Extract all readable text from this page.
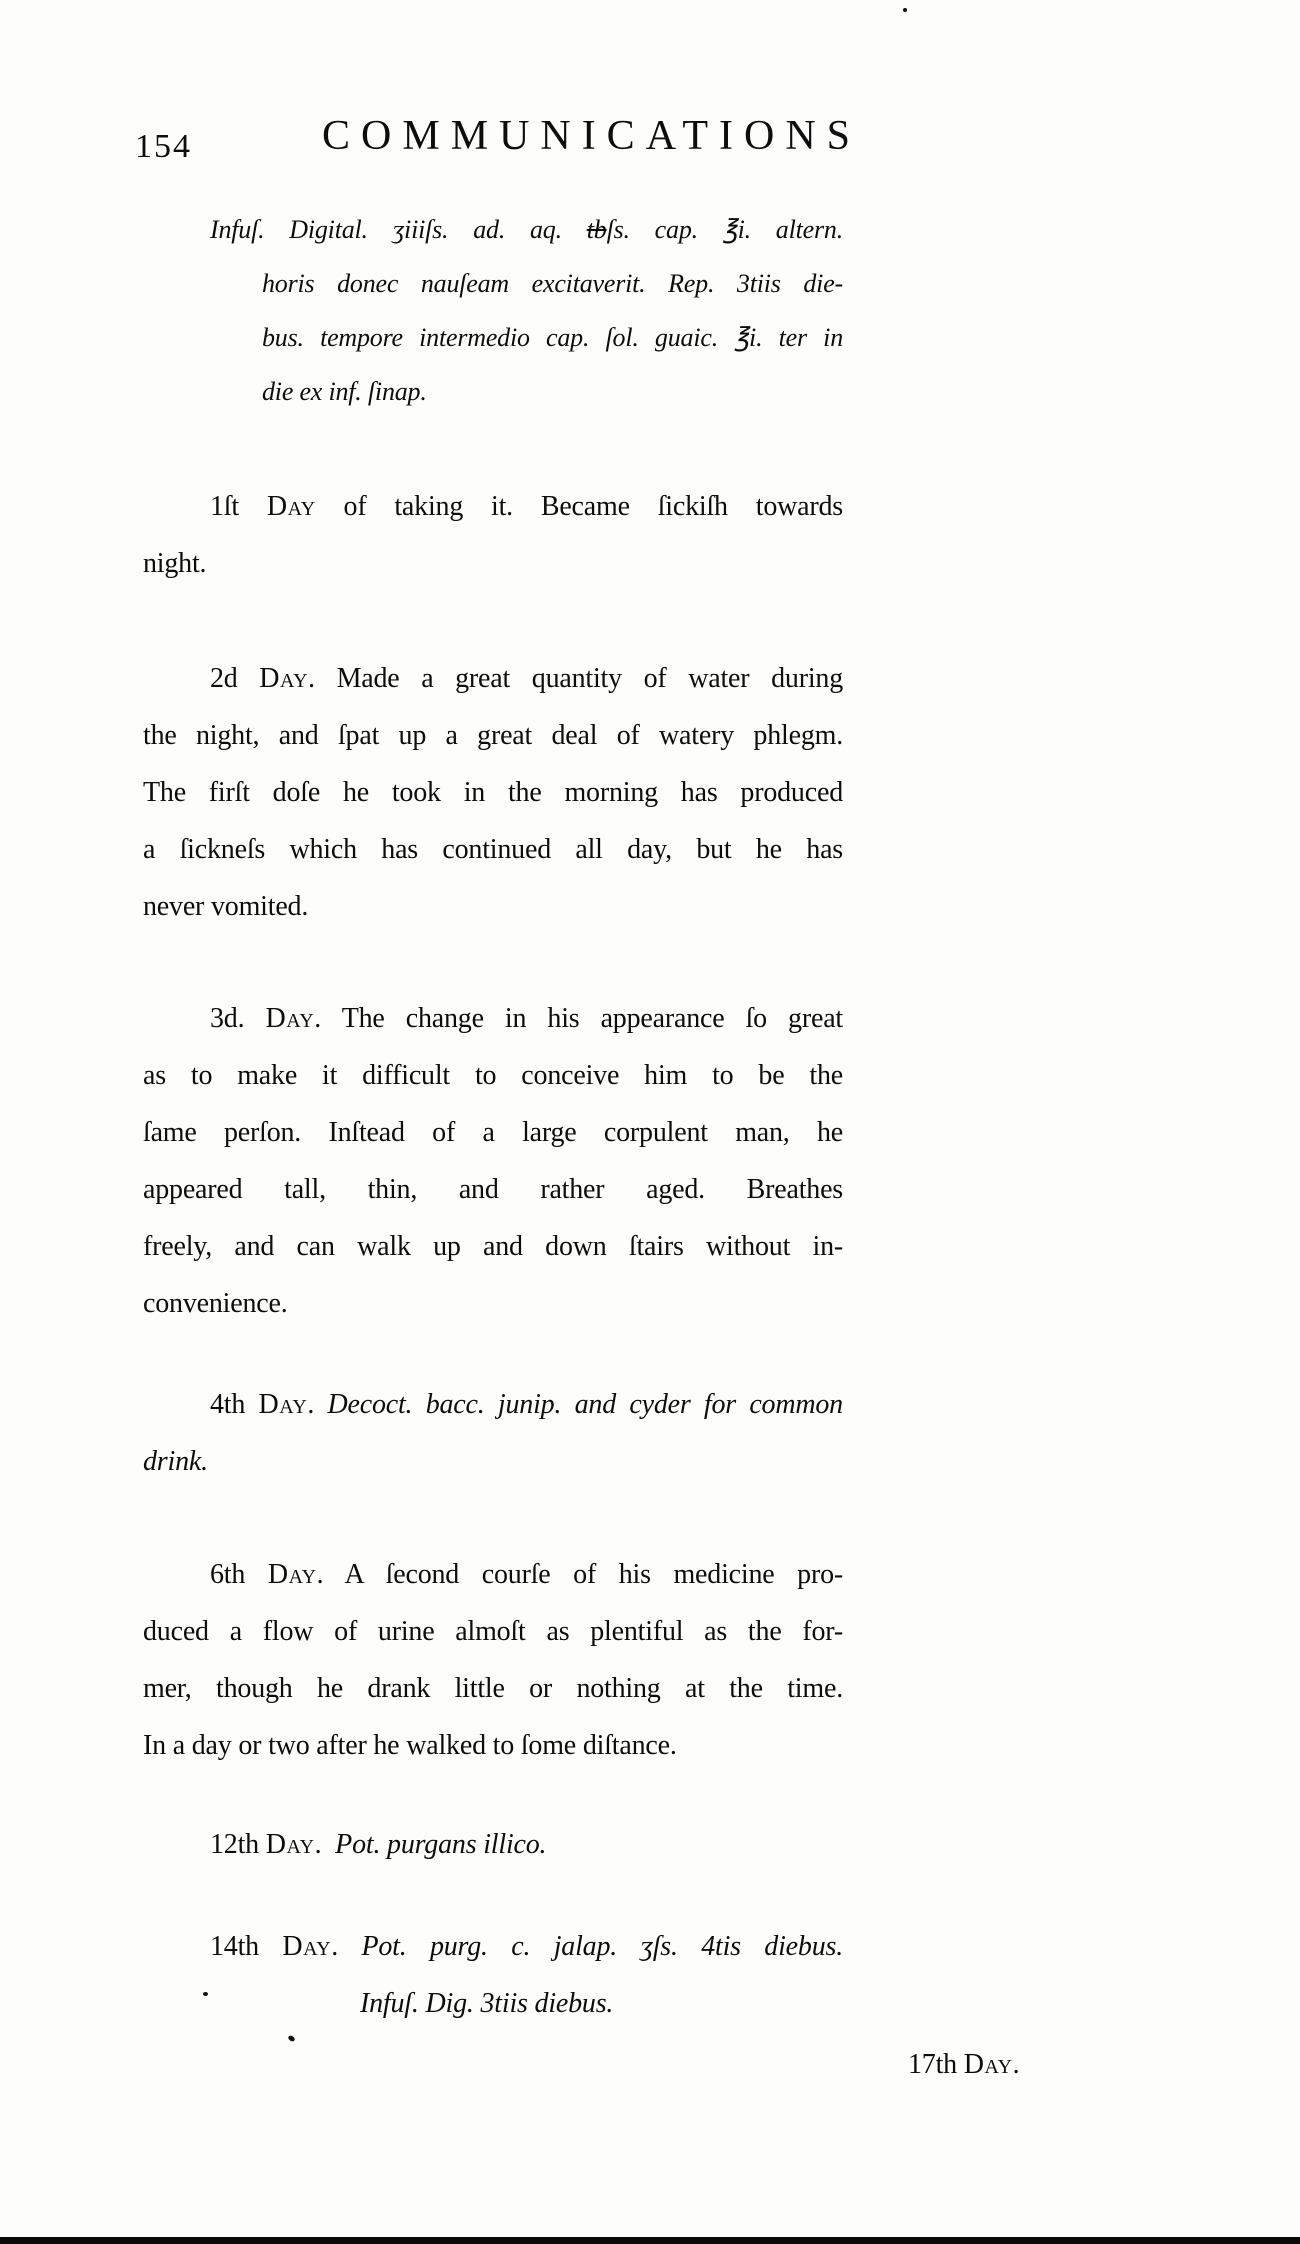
154	COMMUNICATIONS
Infuſ. Digital. ʒiiiſs. ad. aq. tbſs. cap. ℥i. altern.
horis donec nauſeam excitaverit. Rep. 3tiis die-
bus. tempore intermedio cap. ſol. guaic. ℥i. ter in
die ex inf. ſinap.
1ſt Day of taking it. Became ſickiſh towards
night.
2d Day. Made a great quantity of water during
the night, and ſpat up a great deal of watery phlegm.
The firſt doſe he took in the morning has produced
a ſickneſs which has continued all day, but he has
never vomited.
3d. Day. The change in his appearance ſo great
as to make it difficult to conceive him to be the
ſame perſon. Inſtead of a large corpulent man, he
appeared tall, thin, and rather aged. Breathes
freely, and can walk up and down ſtairs without in-
convenience.
4th Day. Decoct. bacc. junip. and cyder for common
drink.
6th Day. A ſecond courſe of his medicine pro-
duced a flow of urine almoſt as plentiful as the for-
mer, though he drank little or nothing at the time.
In a day or two after he walked to ſome diſtance.
12th Day. Pot. purgans illico.
14th Day. Pot. purg. c. jalap. ʒſs. 4tis diebus.
Infuſ. Dig. 3tiis diebus.
17th Day.
